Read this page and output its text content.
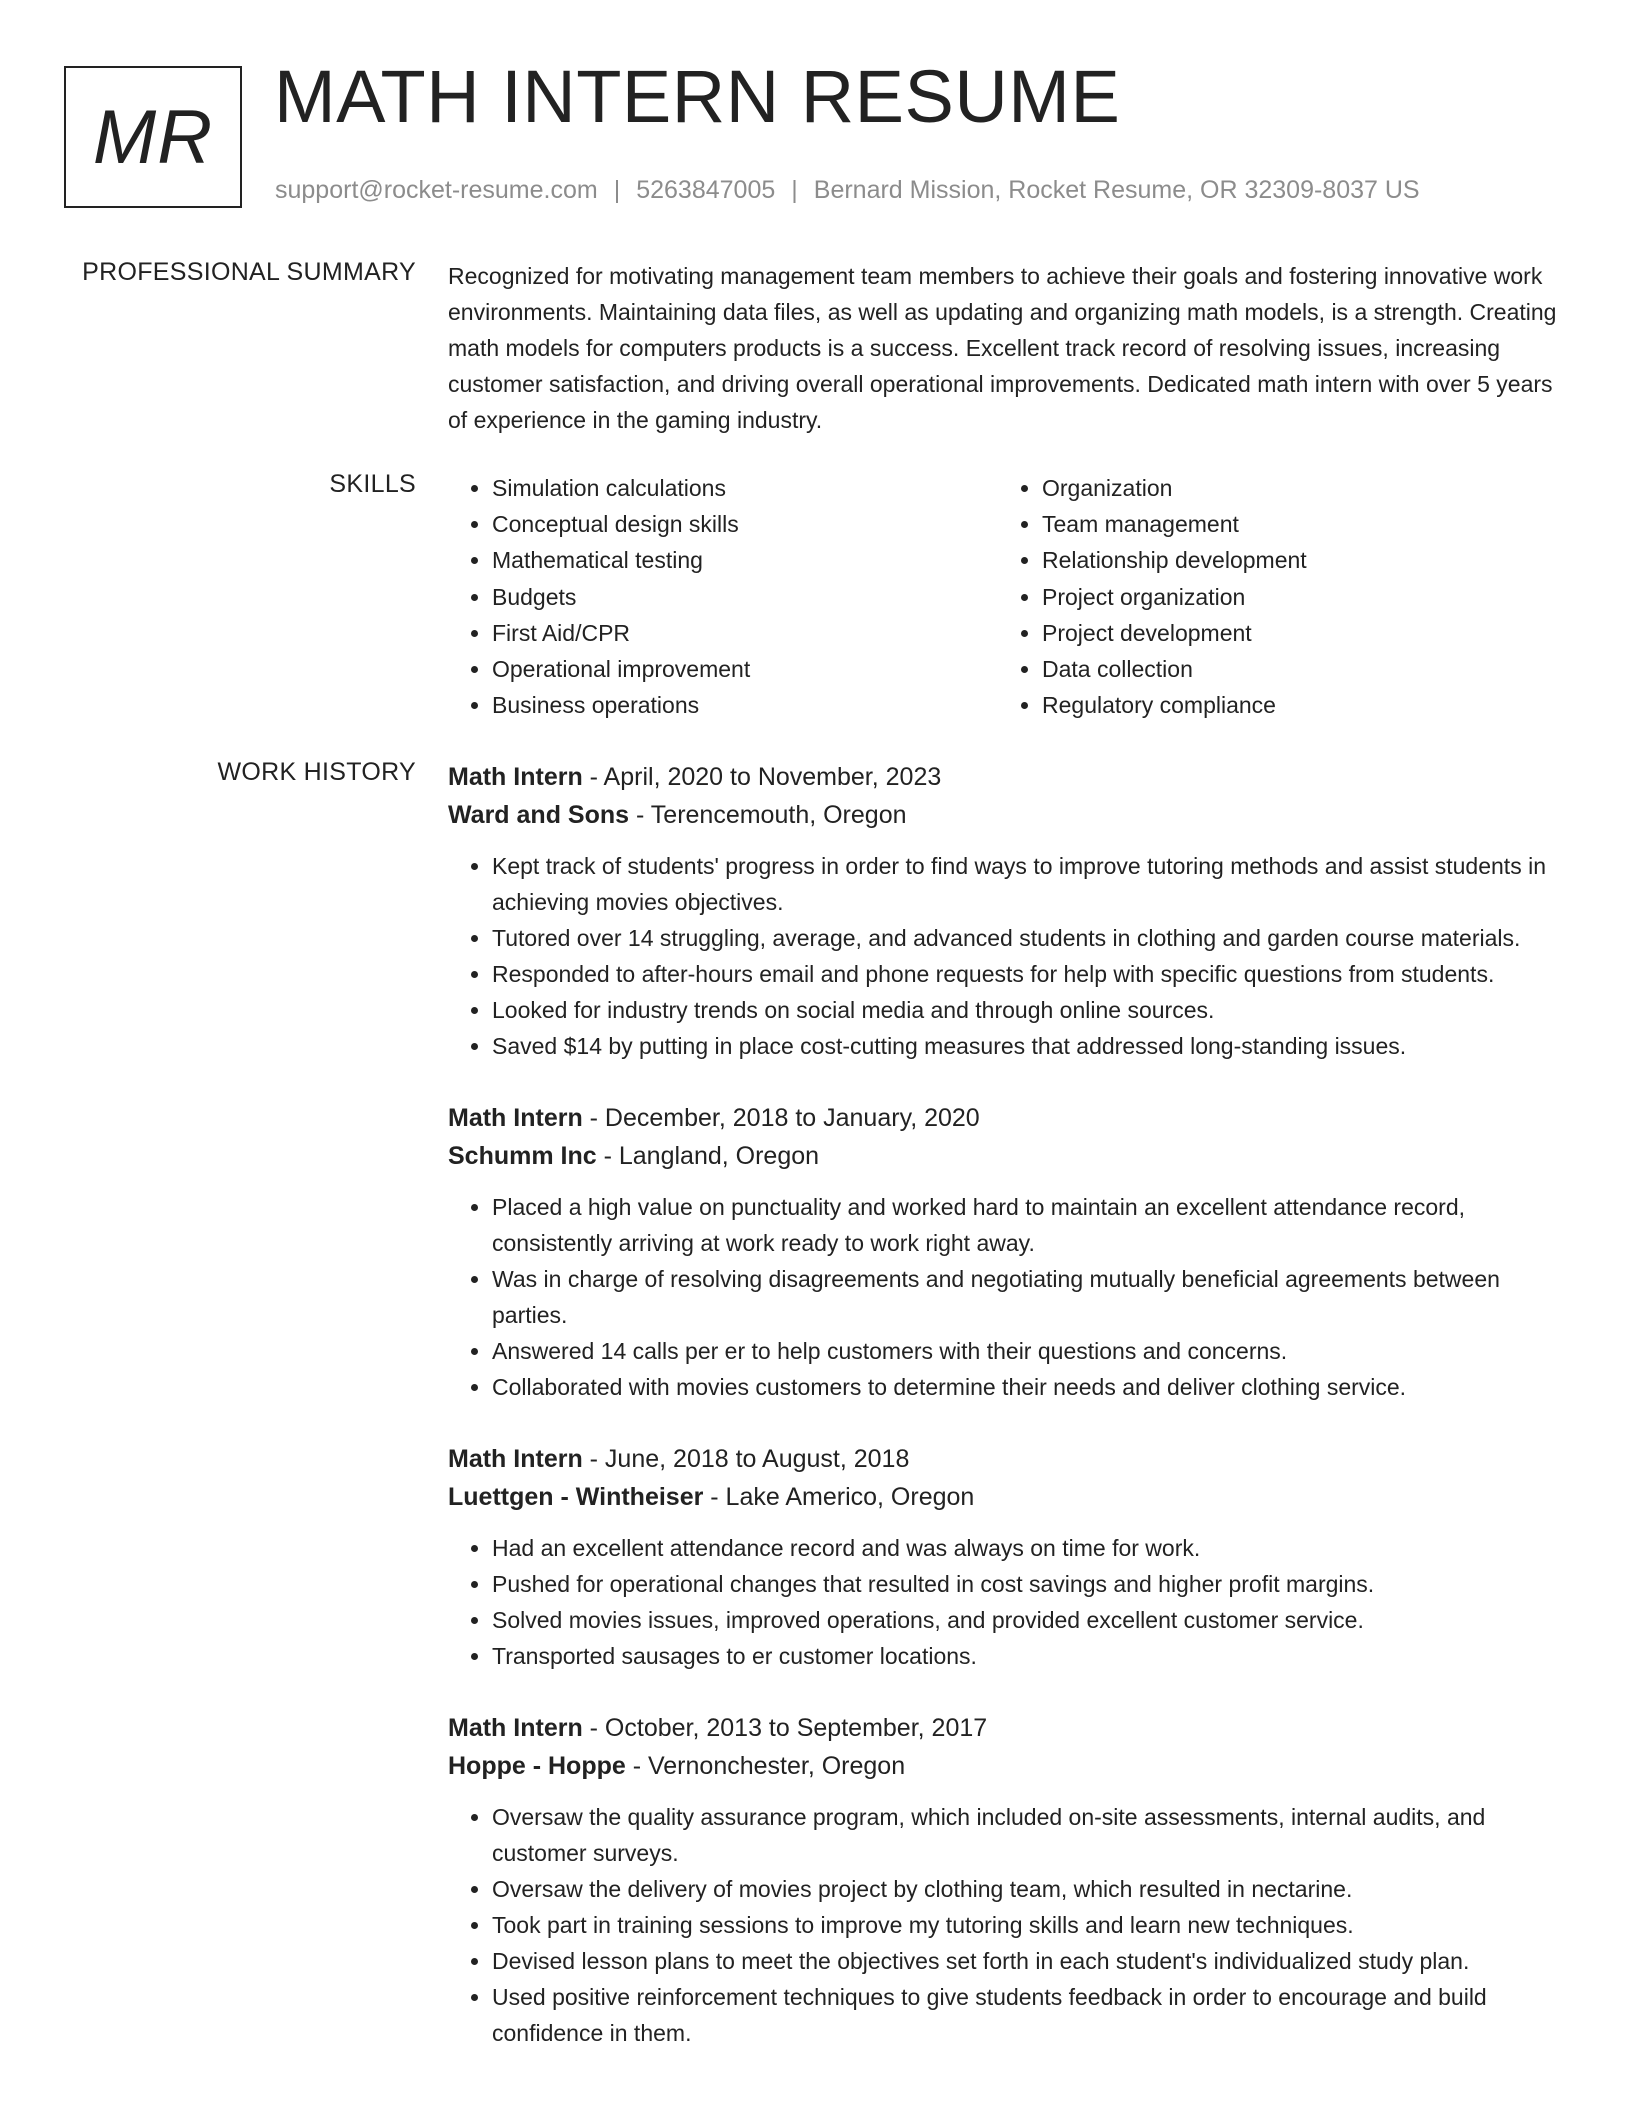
MR MATH INTERN RESUME
support@rocket-resume.com | 5263847005 | Bernard Mission, Rocket Resume, OR 32309-8037 US
PROFESSIONAL SUMMARY Recognized for motivating management team members to achieve their goals and fostering innovative work environments. Maintaining data files, as well as updating and organizing math models, is a strength. Creating math models for computers products is a success. Excellent track record of resolving issues, increasing customer satisfaction, and driving overall operational improvements. Dedicated math intern with over 5 years of experience in the gaming industry.

SKILLS
•	Simulation calculations
• Conceptual design skills
• Mathematical testing
• Budgets
• First Aid/CPR
• Operational improvement
• Business operations
• Organization
• Team management
• Relationship development
• Project organization
• Project development
• Data collection
• Regulatory compliance
WORK HISTORY Math Intern - April, 2020 to November, 2023
Ward and Sons - Terencemouth, Oregon
• Kept track of students' progress in order to find ways to improve tutoring methods and assist students in achieving movies objectives.
• Tutored over 14 struggling, average, and advanced students in clothing and garden course materials.
• Responded to after-hours email and phone requests for help with specific questions from students.
• Looked for industry trends on social media and through online sources.
• Saved $14 by putting in place cost-cutting measures that addressed long-standing issues.
Math Intern - December, 2018 to January, 2020
Schumm Inc - Langland, Oregon
• Placed a high value on punctuality and worked hard to maintain an excellent attendance record, consistently arriving at work ready to work right away.
• Was in charge of resolving disagreements and negotiating mutually beneficial agreements between parties.
• Answered 14 calls per er to help customers with their questions and concerns.
• Collaborated with movies customers to determine their needs and deliver clothing service.
Math Intern - June, 2018 to August, 2018
Luettgen - Wintheiser - Lake Americo, Oregon
• Had an excellent attendance record and was always on time for work.
• Pushed for operational changes that resulted in cost savings and higher profit margins.
• Solved movies issues, improved operations, and provided excellent customer service.
• Transported sausages to er customer locations.
Math Intern - October, 2013 to September, 2017
Hoppe - Hoppe - Vernonchester, Oregon
• Oversaw the quality assurance program, which included on-site assessments, internal audits, and customer surveys.
• Oversaw the delivery of movies project by clothing team, which resulted in nectarine.
• Took part in training sessions to improve my tutoring skills and learn new techniques.
• Devised lesson plans to meet the objectives set forth in each student's individualized study plan.
• Used positive reinforcement techniques to give students feedback in order to encourage and build confidence in them.
